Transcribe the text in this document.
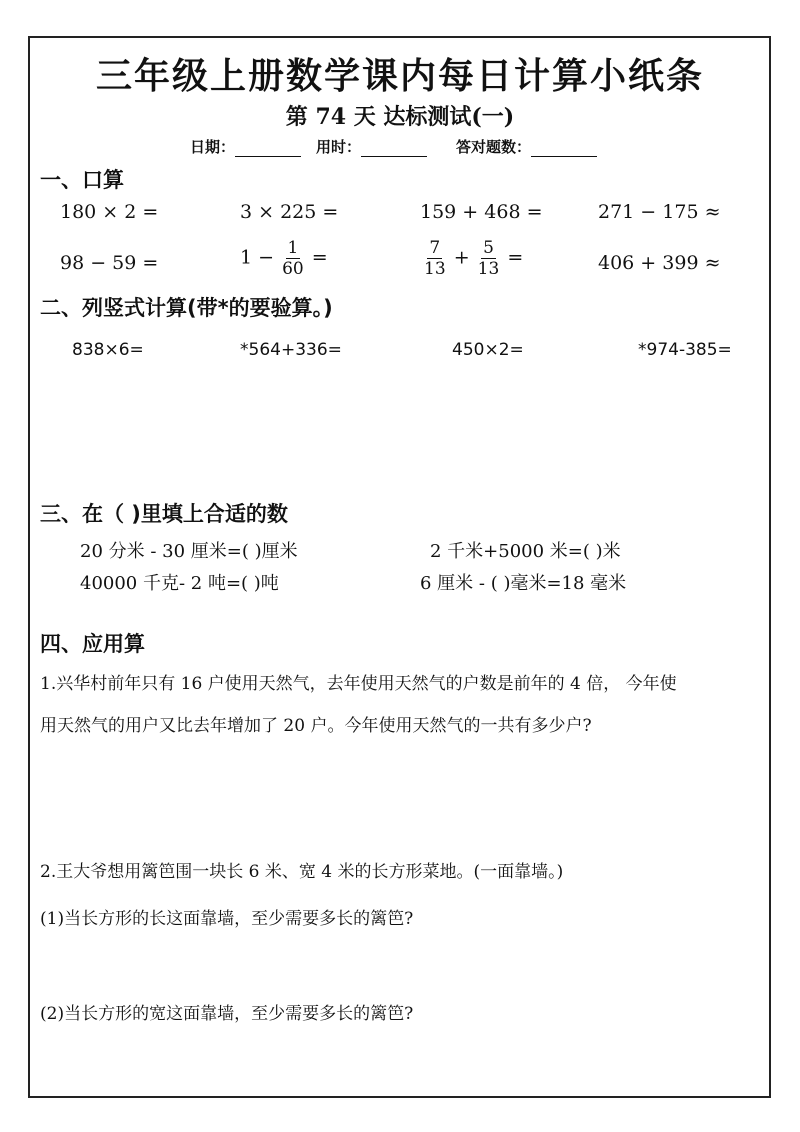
三年级上册数学课内每日计算小纸条
第 74 天 达标测试(一)
日期：	用时：	答对题数：
一、口算
180 × 2 =	3 × 225 =	159 + 468 =	271 − 175 ≈
98 − 59 =	$1 - \frac{1}{60}$ =	$\frac{7}{13} + \frac{5}{13}$ =	406 + 399 ≈
二、列竖式计算(带*的要验算。)
838×6=	*564+336=	450×2=	*974-385=
三、在（ )里填上合适的数
20 分米 - 30 厘米=( )厘米	2 千米+5000 米=( )米
40000 千克- 2 吨=( )吨	6 厘米 - ( )毫米=18 毫米
四、应用算
1.兴华村前年只有 16 户使用天然气，去年使用天然气的户数是前年的 4 倍， 今年使
用天然气的用户又比去年增加了 20 户。今年使用天然气的一共有多少户?
2.王大爷想用篱笆围一块长 6 米、宽 4 米的长方形菜地。(一面靠墙。)
(1)当长方形的长这面靠墙，至少需要多长的篱笆?
(2)当长方形的宽这面靠墙，至少需要多长的篱笆?
